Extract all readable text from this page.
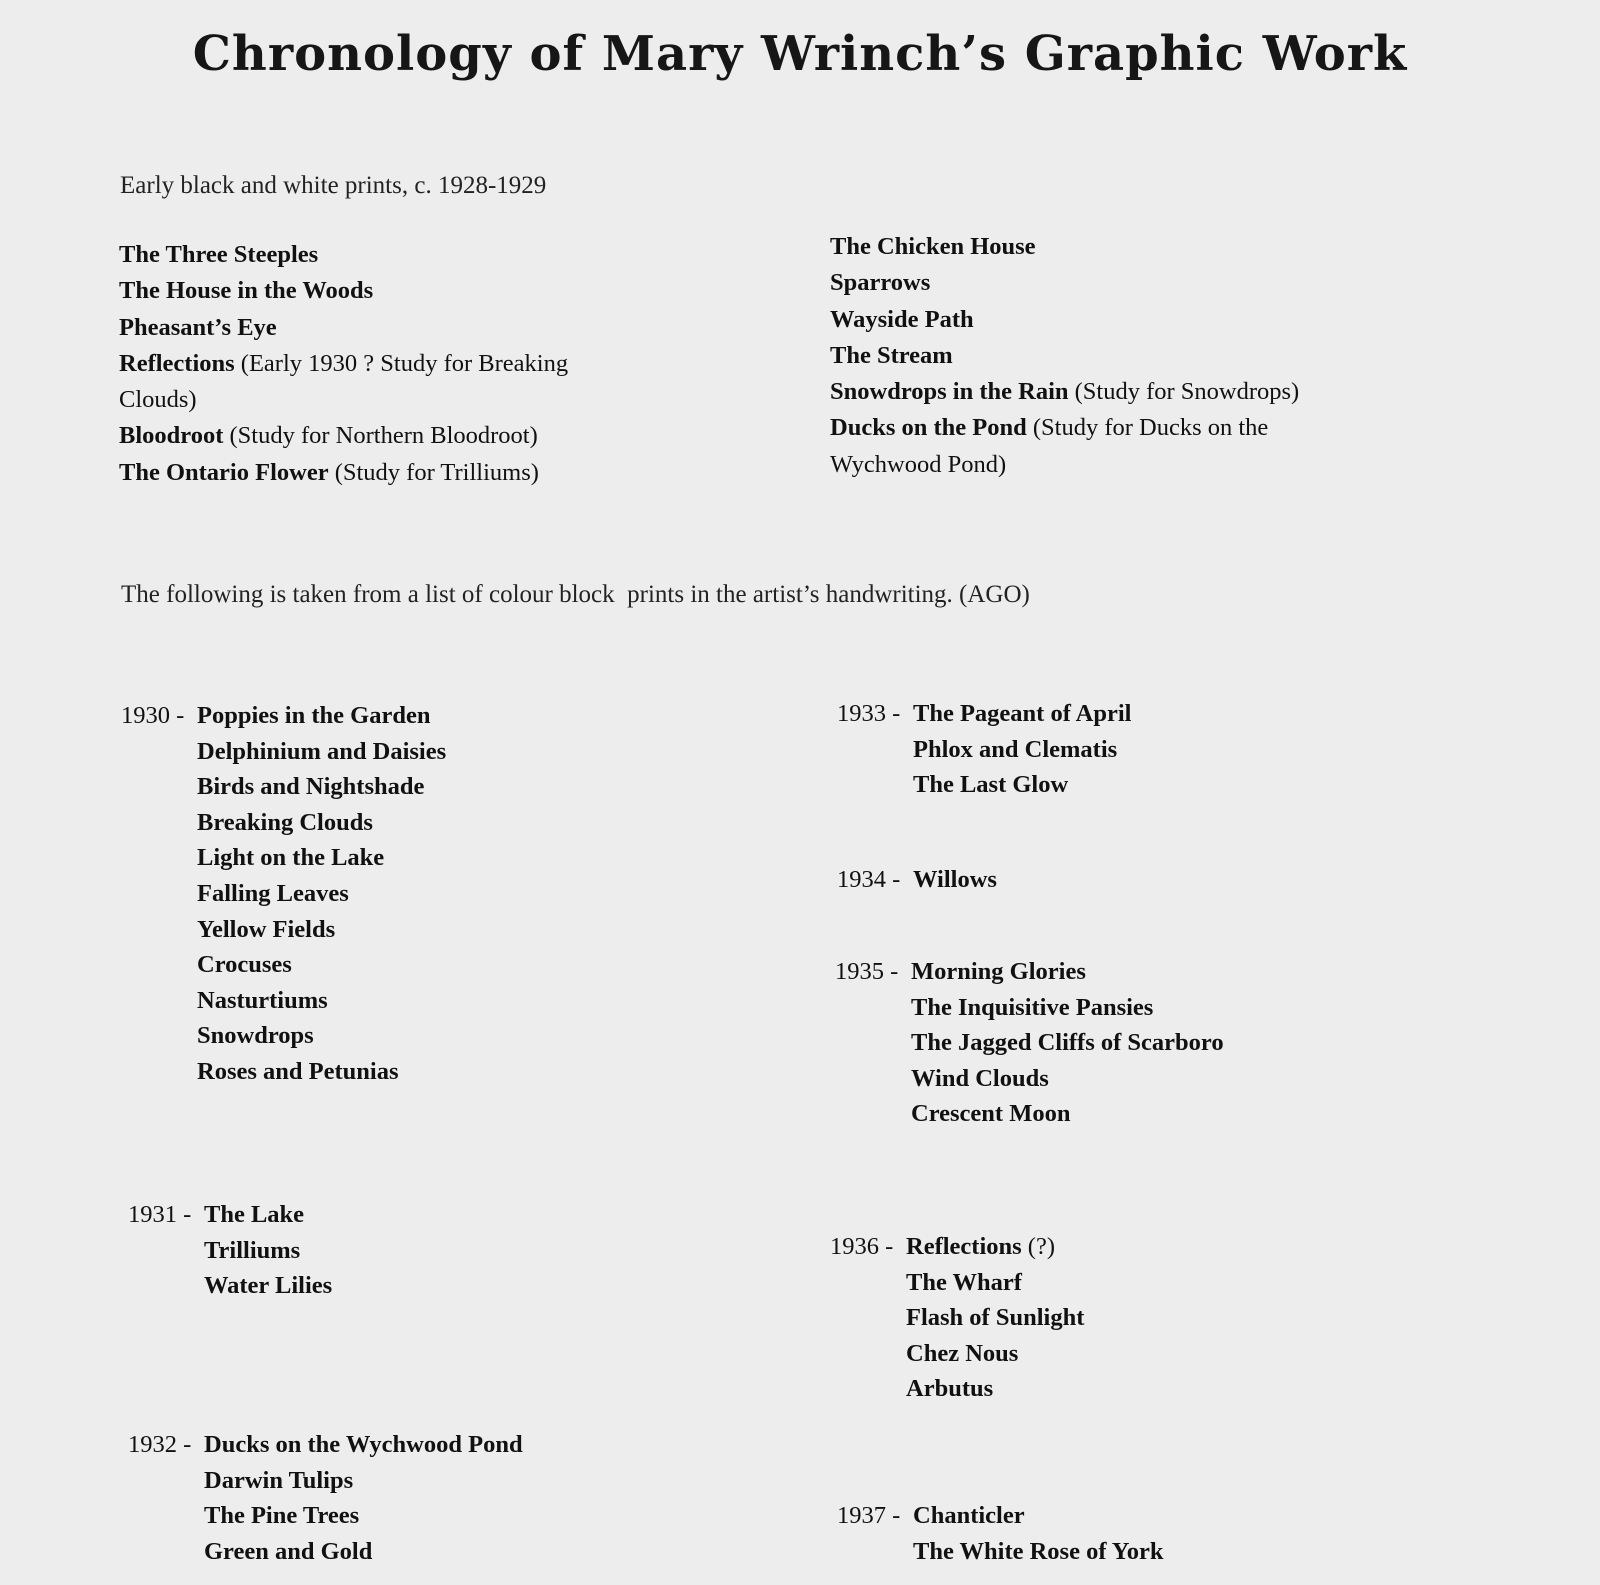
Chronology of Mary Wrinch’s Graphic Work
Early black and white prints, c. 1928-1929
The Three Steeples
The House in the Woods
Pheasant’s Eye
Reflections (Early 1930 ? Study for Breaking
Clouds)
Bloodroot (Study for Northern Bloodroot)
The Ontario Flower (Study for Trilliums)
The Chicken House
Sparrows
Wayside Path
The Stream
Snowdrops in the Rain (Study for Snowdrops)
Ducks on the Pond (Study for Ducks on the
Wychwood Pond)
The following is taken from a list of colour block  prints in the artist’s handwriting. (AGO)
1930 - Poppies in the Garden
Delphinium and Daisies
Birds and Nightshade
Breaking Clouds
Light on the Lake
Falling Leaves
Yellow Fields
Crocuses
Nasturtiums
Snowdrops
Roses and Petunias
1931 - The Lake
Trilliums
Water Lilies
1932 - Ducks on the Wychwood Pond
Darwin Tulips
The Pine Trees
Green and Gold
1933 - The Pageant of April
Phlox and Clematis
The Last Glow
1934 - Willows
1935 - Morning Glories
The Inquisitive Pansies
The Jagged Cliffs of Scarboro
Wind Clouds
Crescent Moon
1936 - Reflections (?)
The Wharf
Flash of Sunlight
Chez Nous
Arbutus
1937 - Chanticler
The White Rose of York
